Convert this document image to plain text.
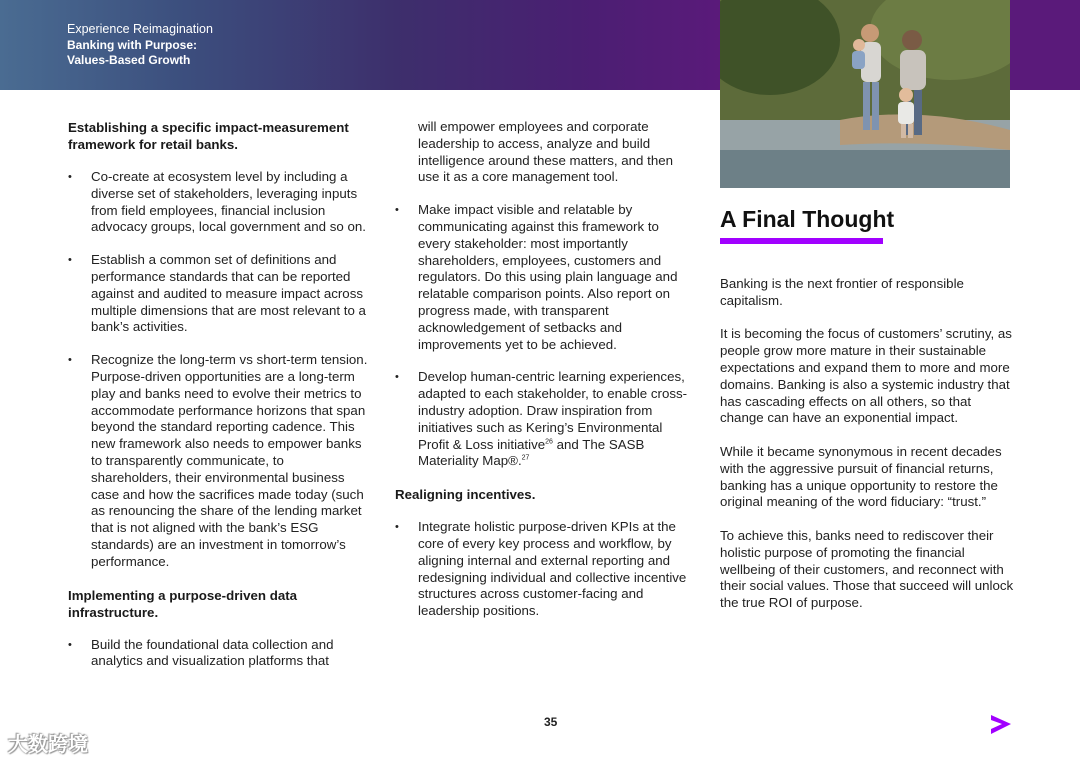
Experience Reimagination
Banking with Purpose:
Values-Based Growth
Establishing a specific impact-measurement framework for retail banks.
• Co-create at ecosystem level by including a diverse set of stakeholders, leveraging inputs from field employees, financial inclusion advocacy groups, local government and so on.
• Establish a common set of definitions and performance standards that can be reported against and audited to measure impact across multiple dimensions that are most relevant to a bank’s activities.
• Recognize the long-term vs short-term tension. Purpose-driven opportunities are a long-term play and banks need to evolve their metrics to accommodate performance horizons that span beyond the standard reporting cadence. This new framework also needs to empower banks to transparently communicate, to shareholders, their environmental business case and how the sacrifices made today (such as renouncing the share of the lending market that is not aligned with the bank’s ESG standards) are an investment in tomorrow’s performance.
Implementing a purpose-driven data infrastructure.
• Build the foundational data collection and analytics and visualization platforms that
will empower employees and corporate leadership to access, analyze and build intelligence around these matters, and then use it as a core management tool.
• Make impact visible and relatable by communicating against this framework to every stakeholder: most importantly shareholders, employees, customers and regulators. Do this using plain language and relatable comparison points. Also report on progress made, with transparent acknowledgement of setbacks and improvements yet to be achieved.
• Develop human-centric learning experiences, adapted to each stakeholder, to enable cross-industry adoption. Draw inspiration from initiatives such as Kering’s Environmental Profit & Loss initiative$^{26}$ and The SASB Materiality Map®.$^{27}$
Realigning incentives.
• Integrate holistic purpose-driven KPIs at the core of every key process and workflow, by aligning internal and external reporting and redesigning individual and collective incentive structures across customer-facing and leadership positions.
A Final Thought

Banking is the next frontier of responsible capitalism.

It is becoming the focus of customers’ scrutiny, as people grow more mature in their sustainable expectations and expand them to more and more domains. Banking is also a systemic industry that has cascading effects on all others, so that change can have an exponential impact.

While it became synonymous in recent decades with the aggressive pursuit of financial returns, banking has a unique opportunity to restore the original meaning of the word fiduciary: “trust.”

To achieve this, banks need to rediscover their holistic purpose of promoting the financial wellbeing of their customers, and reconnect with their social values. Those that succeed will unlock the true ROI of purpose.

35
大数跨境
